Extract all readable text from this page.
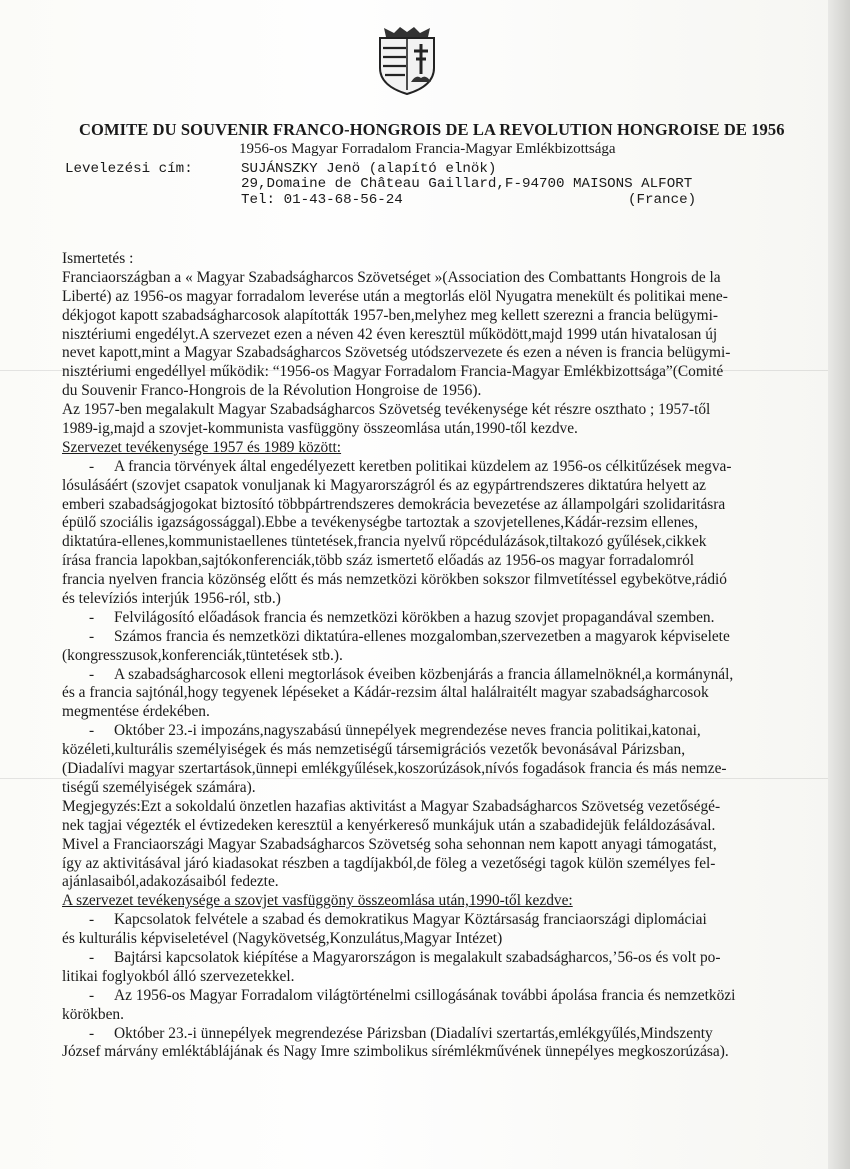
COMITE DU SOUVENIR FRANCO-HONGROIS DE LA REVOLUTION HONGROISE DE 1956
1956-os Magyar Forradalom Francia-Magyar Emlékbizottsága
Levelezési cím:	SUJÁNSZKY Jenö (alapító elnök)
29,Domaine de Château Gaillard,F-94700 MAISONS ALFORT
Tel: 01-43-68-56-24	(France)
Ismertetés :
Franciaországban a « Magyar Szabadságharcos Szövetséget »(Association des Combattants Hongrois de la
Liberté) az 1956-os magyar forradalom leverése után a megtorlás elöl Nyugatra menekült és politikai mene-
dékjogot kapott szabadságharcosok alapították 1957-ben,melyhez meg kellett szerezni a francia belügymi-
nisztériumi engedélyt.A szervezet ezen a néven 42 éven keresztül működött,majd 1999 után hivatalosan új
nevet kapott,mint a Magyar Szabadságharcos Szövetség utódszervezete és ezen a néven is francia belügymi-
nisztériumi engedéllyel működik: “1956-os Magyar Forradalom Francia-Magyar Emlékbizottsága”(Comité
du Souvenir Franco-Hongrois de la Révolution Hongroise de 1956).
Az 1957-ben megalakult Magyar Szabadságharcos Szövetség tevékenysége két részre oszthato ; 1957-től
1989-ig,majd a szovjet-kommunista vasfüggöny összeomlása után,1990-től kezdve.
Szervezet tevékenysége 1957 és 1989 között:
-	A francia törvények által engedélyezett keretben politikai küzdelem az 1956-os célkitűzések megva-
lósulásáért (szovjet csapatok vonuljanak ki Magyarországról és az egypártrendszeres diktatúra helyett az
emberi szabadságjogokat biztosító többpártrendszeres demokrácia bevezetése az állampolgári szolidaritásra
épülő szociális igazságossággal).Ebbe a tevékenységbe tartoztak a szovjetellenes,Kádár-rezsim ellenes,
diktatúra-ellenes,kommunistaellenes tüntetések,francia nyelvű röpcédulázások,tiltakozó gyűlések,cikkek
írása francia lapokban,sajtókonferenciák,több száz ismertető előadás az 1956-os magyar forradalomról
francia nyelven francia közönség előtt és más nemzetközi körökben sokszor filmvetítéssel egybekötve,rádió
és televíziós interjúk 1956-ról, stb.)
-	Felvilágosító előadások francia és nemzetközi körökben a hazug szovjet propagandával szemben.
-	Számos francia és nemzetközi diktatúra-ellenes mozgalomban,szervezetben a magyarok képviselete
(kongresszusok,konferenciák,tüntetések stb.).
-	A szabadságharcosok elleni megtorlások éveiben közbenjárás a francia államelnöknél,a kormánynál,
és a francia sajtónál,hogy tegyenek lépéseket a Kádár-rezsim által halálraitélt magyar szabadságharcosok
megmentése érdekében.
-	Október 23.-i impozáns,nagyszabású ünnepélyek megrendezése neves francia politikai,katonai,
közéleti,kulturális személyiségek és más nemzetiségű társemigrációs vezetők bevonásával Párizsban,
(Diadalívi magyar szertartások,ünnepi emlékgyűlések,koszorúzások,nívós fogadások francia és más nemze-
tiségű személyiségek számára).
Megjegyzés:Ezt a sokoldalú önzetlen hazafias aktivitást a Magyar Szabadságharcos Szövetség vezetőségé-
nek tagjai végezték el évtizedeken keresztül a kenyérkereső munkájuk után a szabadidejük feláldozásával.
Mivel a Franciaországi Magyar Szabadságharcos Szövetség soha sehonnan nem kapott anyagi támogatást,
így az aktivitásával járó kiadasokat részben a tagdíjakból,de föleg a vezetőségi tagok külön személyes fel-
ajánlasaiból,adakozásaiból fedezte.
A szervezet tevékenysége a szovjet vasfüggöny összeomlása után,1990-től kezdve:
-	Kapcsolatok felvétele a szabad és demokratikus Magyar Köztársaság franciaországi diplomáciai
és kulturális képviseletével (Nagykövetség,Konzulátus,Magyar Intézet)
-	Bajtársi kapcsolatok kiépítése a Magyarországon is megalakult szabadságharcos,’56-os és volt po-
litikai foglyokból álló szervezetekkel.
-	Az 1956-os Magyar Forradalom világtörténelmi csillogásának további ápolása francia és nemzetközi
körökben.
-	Október 23.-i ünnepélyek megrendezése Párizsban (Diadalívi szertartás,emlékgyűlés,Mindszenty
József márvány emléktáblájának és Nagy Imre szimbolikus sírémlékművének ünnepélyes megkoszorúzása).
